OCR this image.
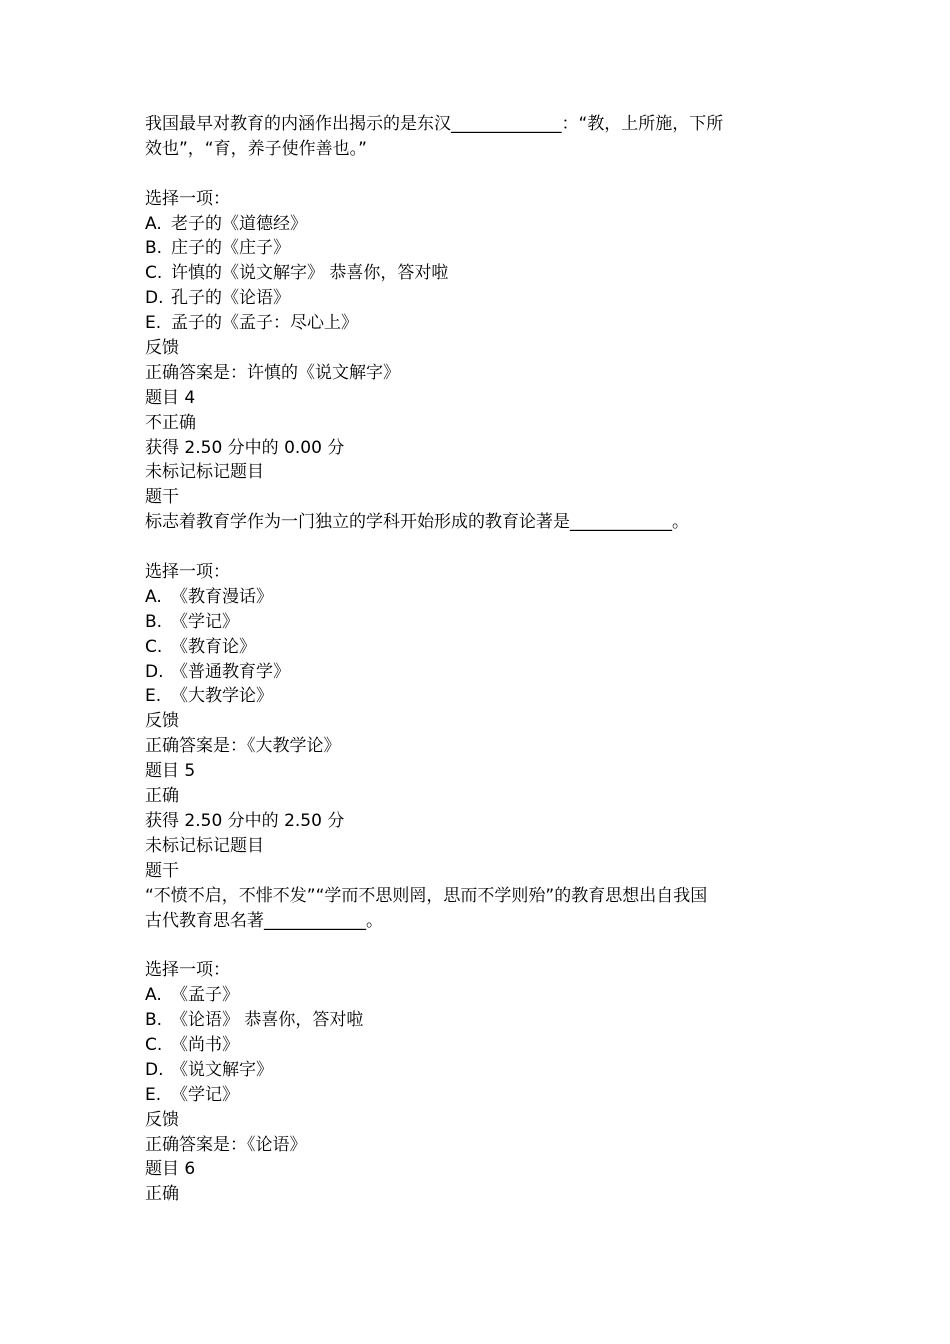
我国最早对教育的内涵作出揭示的是东汉_____________：“教，上所施，下所
效也”，“育，养子使作善也。”
选择一项：
A. 老子的《道德经》
B. 庄子的《庄子》
C. 许慎的《说文解字》 恭喜你，答对啦
D. 孔子的《论语》
E. 孟子的《孟子：尽心上》
反馈
正确答案是：许慎的《说文解字》
题目 4
不正确
获得 2.50 分中的 0.00 分
未标记标记题目
题干
标志着教育学作为一门独立的学科开始形成的教育论著是____________。
选择一项：
A. 《教育漫话》
B. 《学记》
C. 《教育论》
D. 《普通教育学》
E. 《大教学论》
反馈
正确答案是：《大教学论》
题目 5
正确
获得 2.50 分中的 2.50 分
未标记标记题目
题干
“不愤不启，不悱不发”“学而不思则罔，思而不学则殆”的教育思想出自我国
古代教育思名著____________。
选择一项：
A. 《孟子》
B. 《论语》 恭喜你，答对啦
C. 《尚书》
D. 《说文解字》
E. 《学记》
反馈
正确答案是：《论语》
题目 6
正确
